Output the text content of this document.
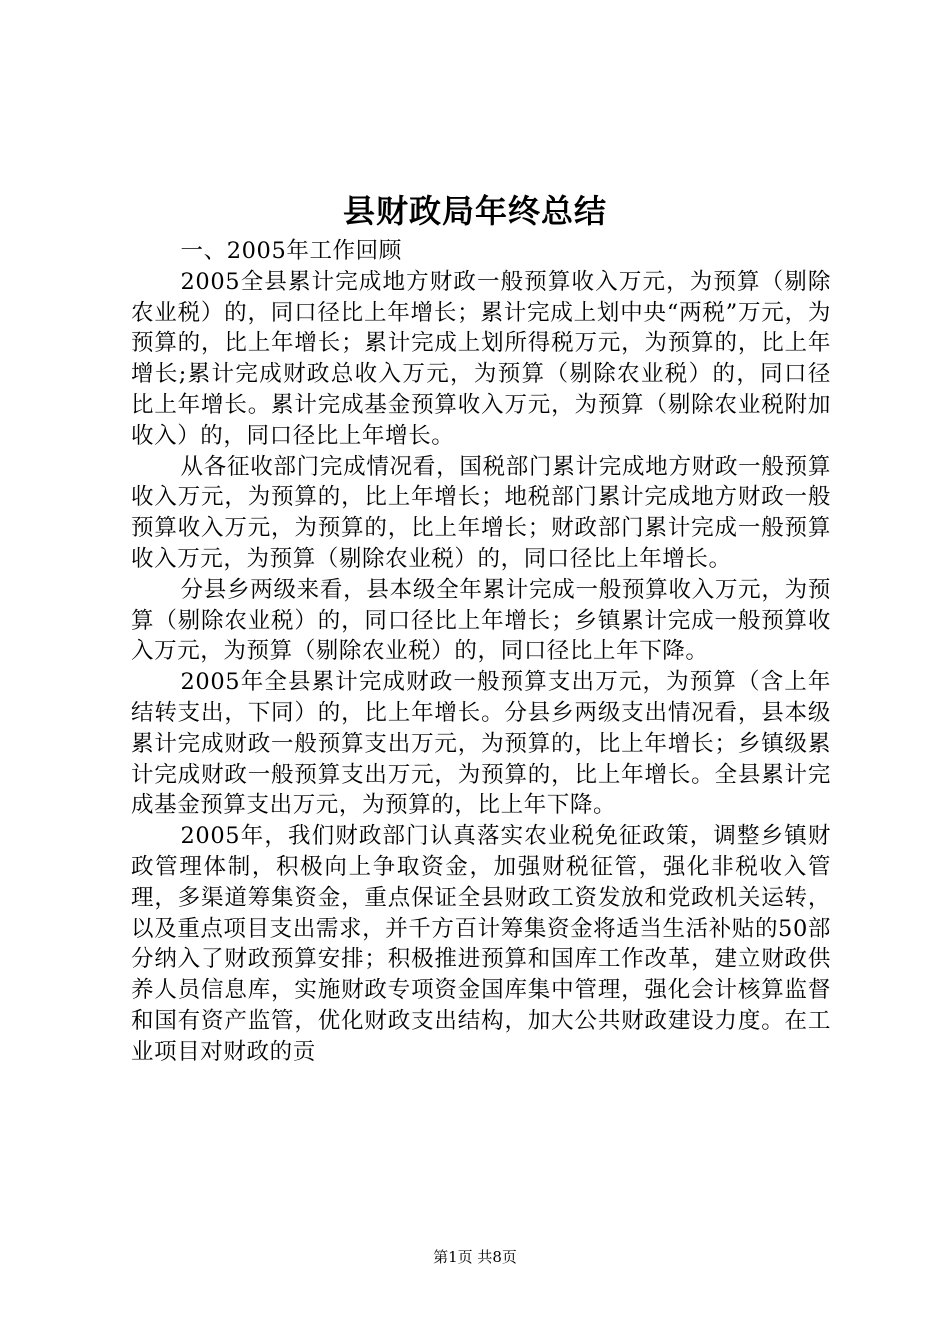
县财政局年终总结

一、2005年工作回顾

2005全县累计完成地方财政一般预算收入万元，为预算（剔除农业税）的，同口径比上年增长；累计完成上划中央“两税”万元，为预算的，比上年增长；累计完成上划所得税万元，为预算的，比上年增长;累计完成财政总收入万元，为预算（剔除农业税）的，同口径比上年增长。累计完成基金预算收入万元，为预算（剔除农业税附加收入）的，同口径比上年增长。

从各征收部门完成情况看，国税部门累计完成地方财政一般预算收入万元，为预算的，比上年增长；地税部门累计完成地方财政一般预算收入万元，为预算的，比上年增长；财政部门累计完成一般预算收入万元，为预算（剔除农业税）的，同口径比上年增长。

分县乡两级来看，县本级全年累计完成一般预算收入万元，为预算（剔除农业税）的，同口径比上年增长；乡镇累计完成一般预算收入万元，为预算（剔除农业税）的，同口径比上年下降。

2005年全县累计完成财政一般预算支出万元，为预算（含上年结转支出，下同）的，比上年增长。分县乡两级支出情况看，县本级累计完成财政一般预算支出万元，为预算的，比上年增长；乡镇级累计完成财政一般预算支出万元，为预算的，比上年增长。全县累计完成基金预算支出万元，为预算的，比上年下降。

2005年，我们财政部门认真落实农业税免征政策，调整乡镇财政管理体制，积极向上争取资金，加强财税征管，强化非税收入管理，多渠道筹集资金，重点保证全县财政工资发放和党政机关运转，以及重点项目支出需求，并千方百计筹集资金将适当生活补贴的50部分纳入了财政预算安排；积极推进预算和国库工作改革，建立财政供养人员信息库，实施财政专项资金国库集中管理，强化会计核算监督和国有资产监管，优化财政支出结构，加大公共财政建设力度。在工业项目对财政的贡

第1页 共8页
